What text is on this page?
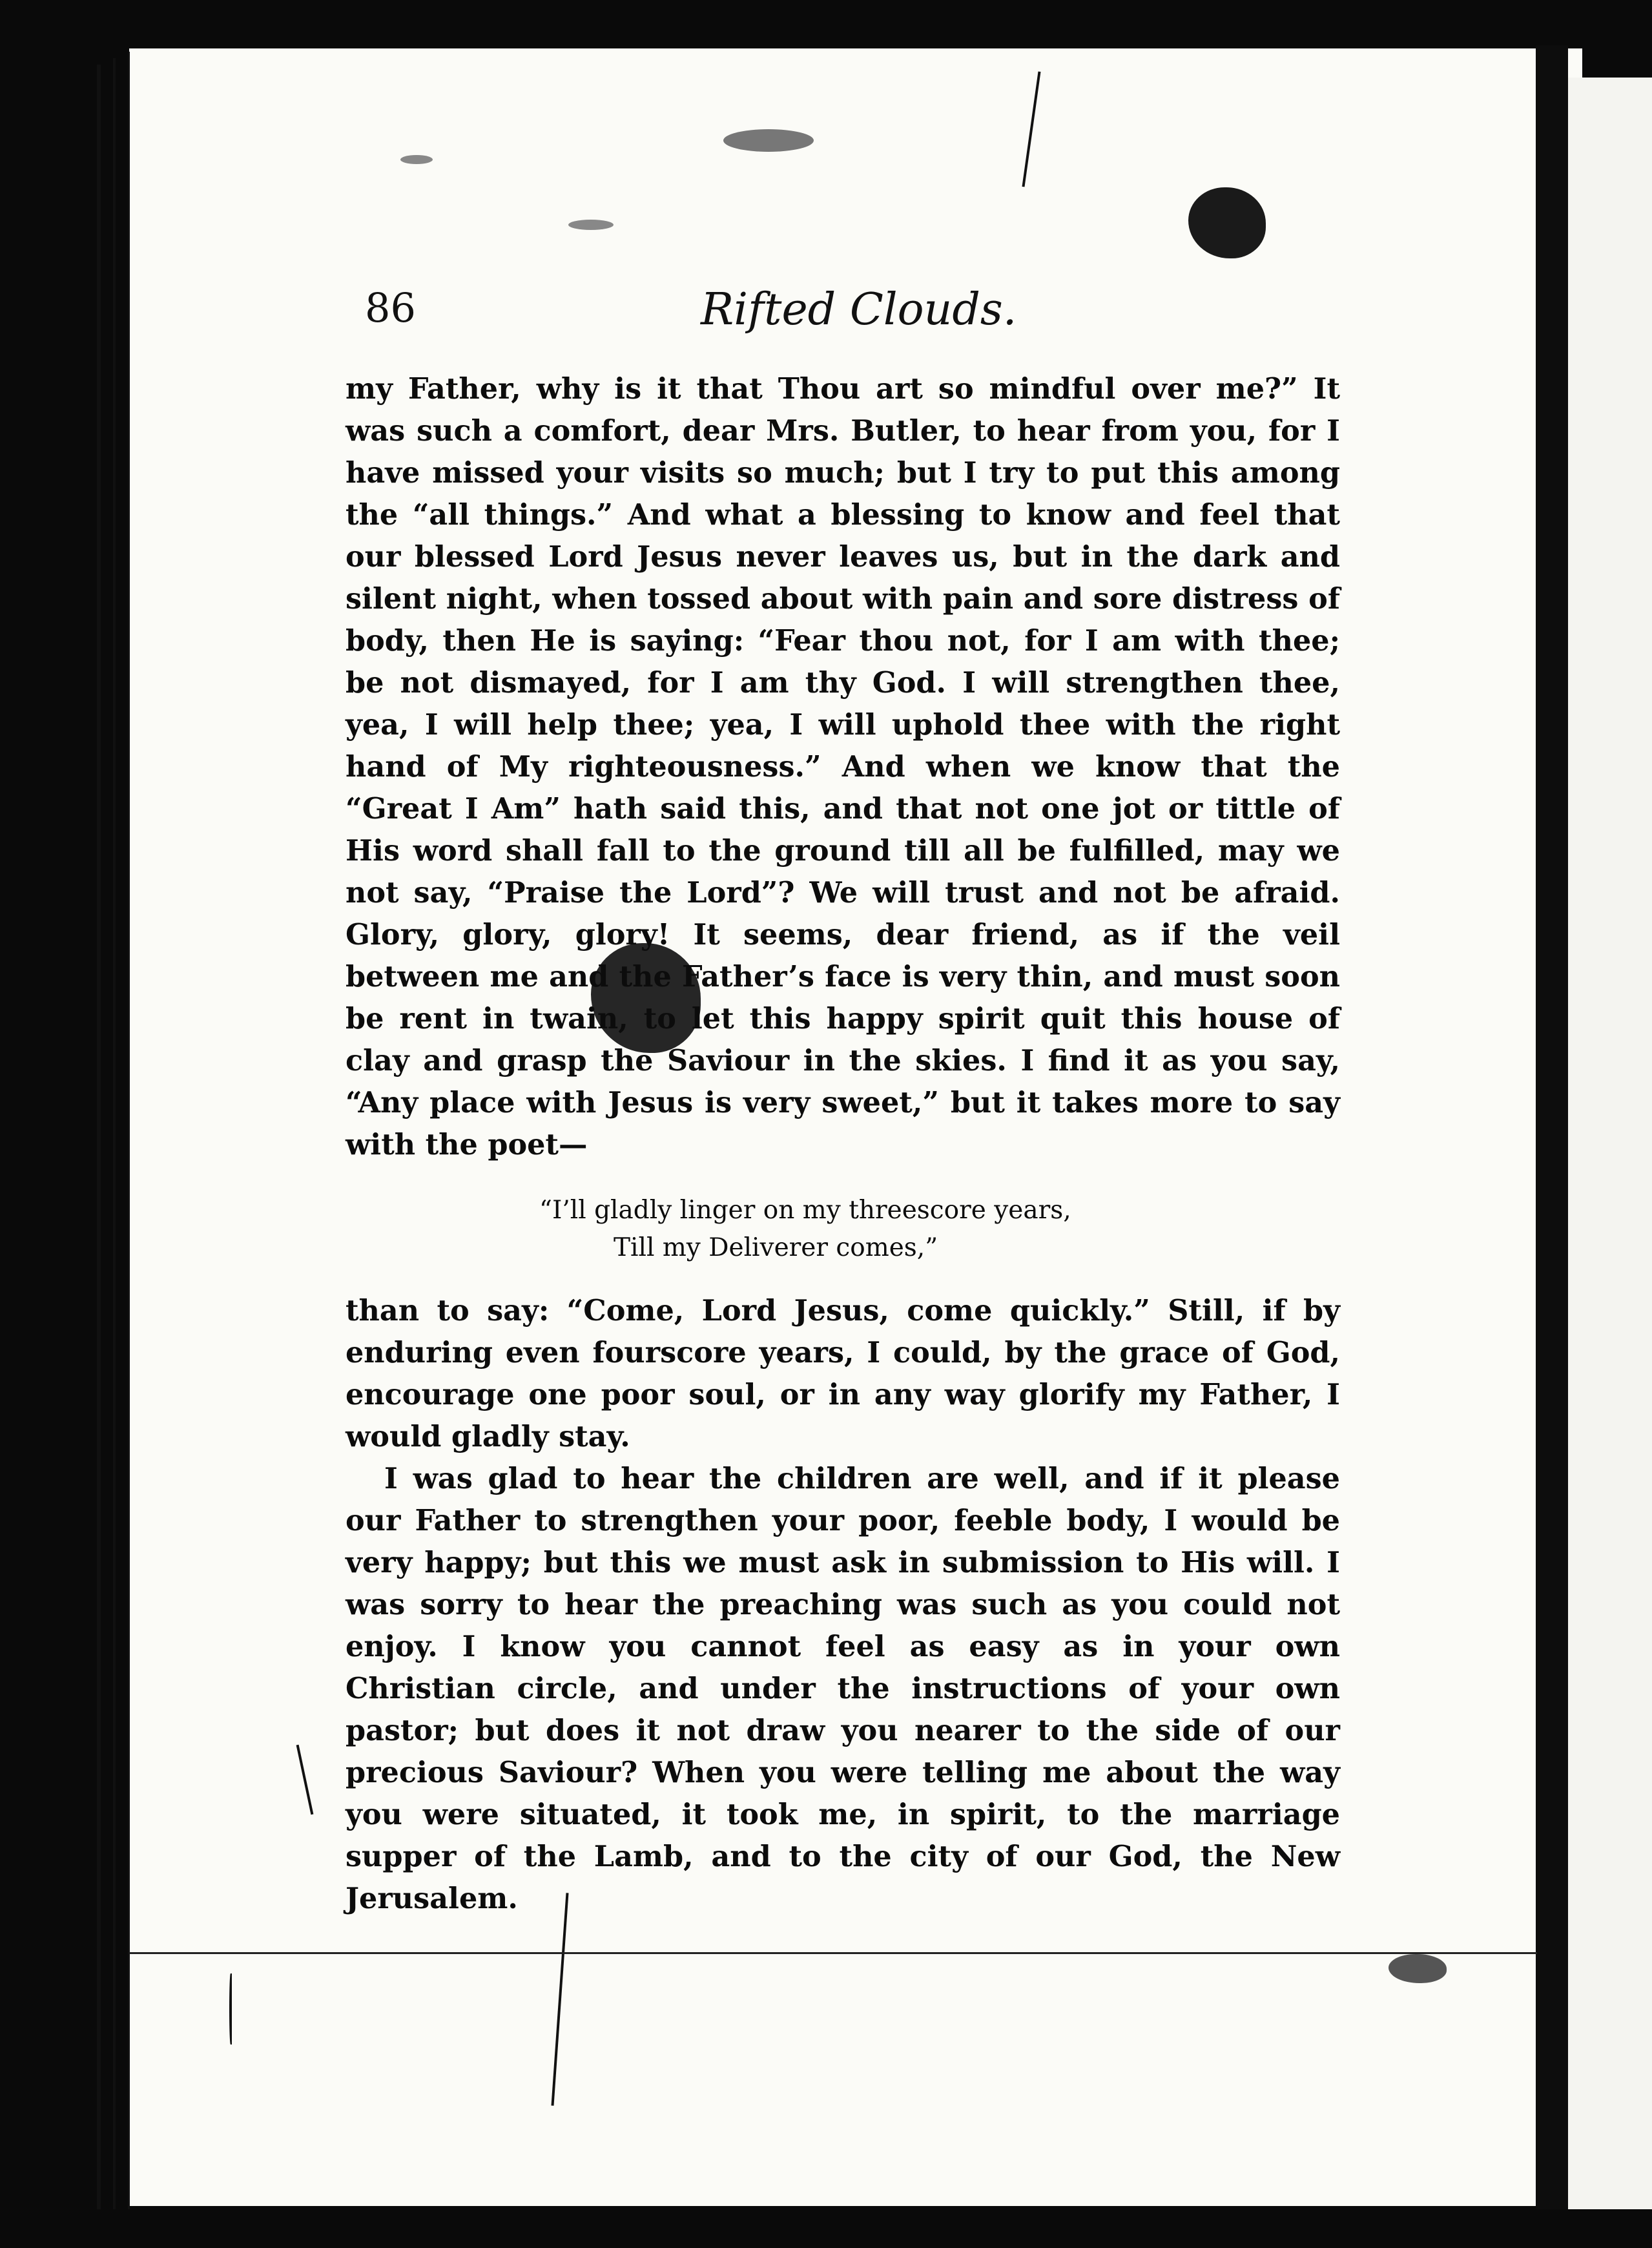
86	Rifted Clouds.

my Father, why is it that Thou art so mindful over me?” It was such a comfort, dear Mrs. Butler, to hear from you, for I have missed your visits so much; but I try to put this among the “all things.” And what a blessing to know and feel that our blessed Lord Jesus never leaves us, but in the dark and silent night, when tossed about with pain and sore distress of body, then He is saying: “Fear thou not, for I am with thee; be not dismayed, for I am thy God. I will strengthen thee, yea, I will help thee; yea, I will uphold thee with the right hand of My righteousness.” And when we know that the “Great I Am” hath said this, and that not one jot or tittle of His word shall fall to the ground till all be fulfilled, may we not say, “Praise the Lord”? We will trust and not be afraid. Glory, glory, glory! It seems, dear friend, as if the veil between me and the Father’s face is very thin, and must soon be rent in twain, to let this happy spirit quit this house of clay and grasp the Saviour in the skies. I find it as you say, “Any place with Jesus is very sweet,” but it takes more to say with the poet—

“I’ll gladly linger on my threescore years,
Till my Deliverer comes,”

than to say: “Come, Lord Jesus, come quickly.” Still, if by enduring even fourscore years, I could, by the grace of God, encourage one poor soul, or in any way glorify my Father, I would gladly stay.

I was glad to hear the children are well, and if it please our Father to strengthen your poor, feeble body, I would be very happy; but this we must ask in submission to His will. I was sorry to hear the preaching was such as you could not enjoy. I know you cannot feel as easy as in your own Christian circle, and under the instructions of your own pastor; but does it not draw you nearer to the side of our precious Saviour? When you were telling me about the way you were situated, it took me, in spirit, to the marriage supper of the Lamb, and to the city of our God, the New Jerusalem.
